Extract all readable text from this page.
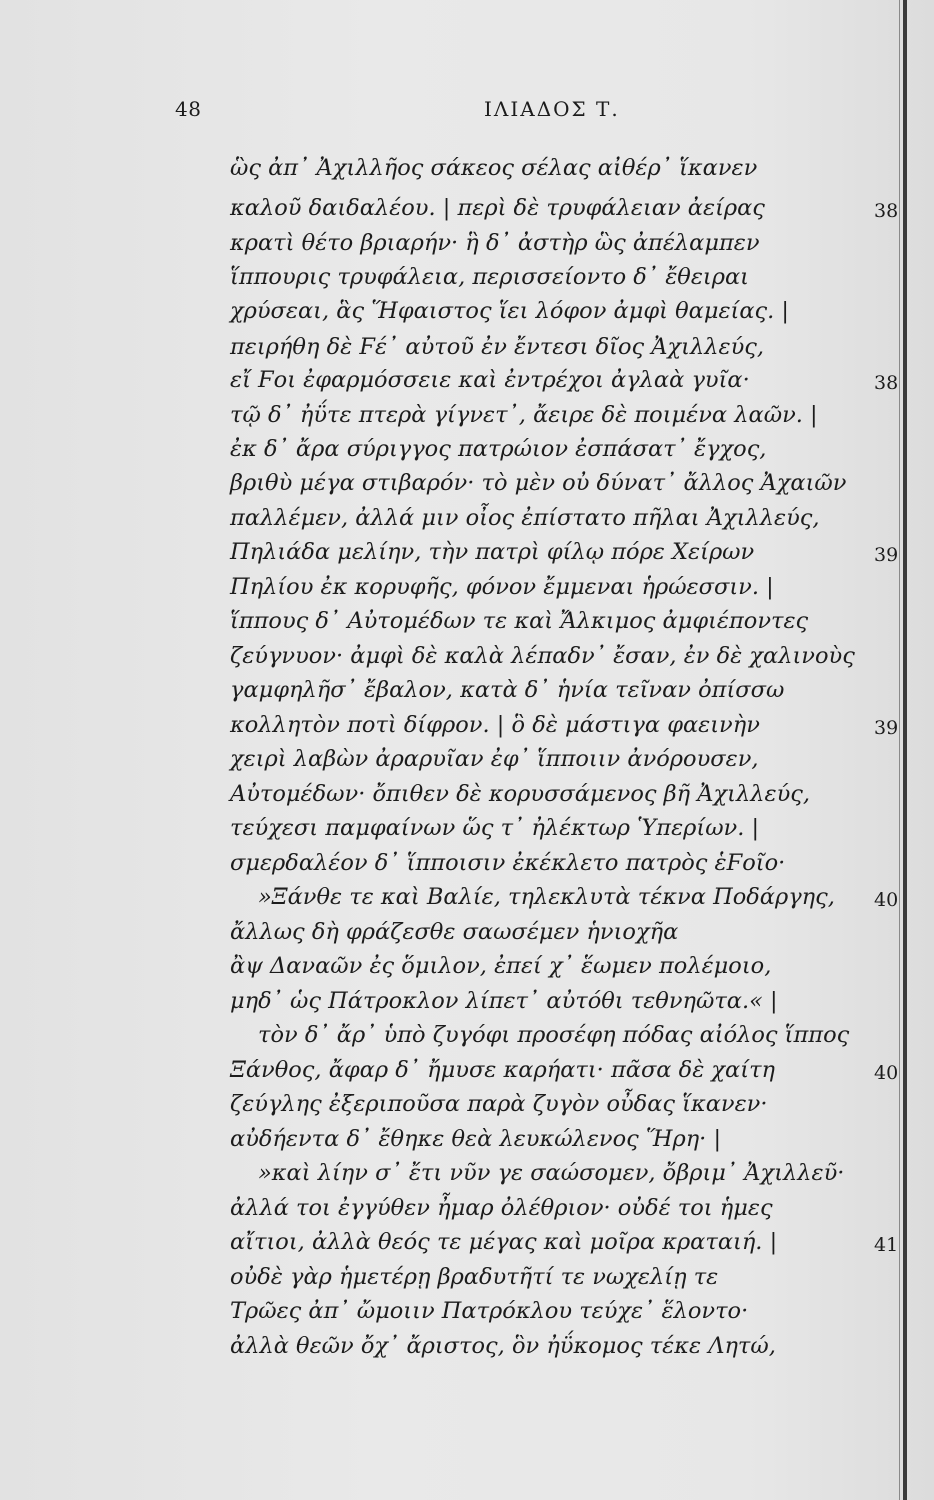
48	ΙΛΙΑΔΟΣ Τ.
ὣς ἀπ᾿ Ἀχιλλῆος σάκεος σέλας αἰθέρ᾿ ἵκανεν
καλοῦ δαιδαλέου. | περὶ δὲ τρυφάλειαν ἀείρας
κρατὶ θέτο βριαρήν· ἣ δ᾿ ἀστὴρ ὣς ἀπέλαμπεν
ἵππουρις τρυφάλεια, περισσείοντο δ᾿ ἔθειραι
χρύσεαι, ἃς Ἥφαιστος ἵει λόφον ἀμφὶ θαμείας. |
πειρήθη δὲ Ϝέ᾿ αὐτοῦ ἐν ἔντεσι δῖος Ἀχιλλεύς,
εἴ Ϝοι ἐφαρμόσσειε καὶ ἐντρέχοι ἀγλαὰ γυῖα·
τῷ δ᾿ ἠΰτε πτερὰ γίγνετ᾿, ἄειρε δὲ ποιμένα λαῶν. |
ἐκ δ᾿ ἄρα σύριγγος πατρώιον ἐσπάσατ᾿ ἔγχος,
βριθὺ μέγα στιβαρόν· τὸ μὲν οὐ δύνατ᾿ ἄλλος Ἀχαιῶν
παλλέμεν, ἀλλά μιν οἶος ἐπίστατο πῆλαι Ἀχιλλεύς,
Πηλιάδα μελίην, τὴν πατρὶ φίλῳ πόρε Χείρων
Πηλίου ἐκ κορυφῆς, φόνον ἔμμεναι ἡρώεσσιν. |
ἵππους δ᾿ Αὐτομέδων τε καὶ Ἄλκιμος ἀμφιέποντες
ζεύγνυον· ἀμφὶ δὲ καλὰ λέπαδν᾿ ἔσαν, ἐν δὲ χαλινοὺς
γαμφηλῆσ᾿ ἔβαλον, κατὰ δ᾿ ἡνία τεῖναν ὀπίσσω
κολλητὸν ποτὶ δίφρον. | ὃ δὲ μάστιγα φαεινὴν
χειρὶ λαβὼν ἀραρυῖαν ἐφ᾿ ἵπποιιν ἀνόρουσεν,
Αὐτομέδων· ὄπιθεν δὲ κορυσσάμενος βῆ Ἀχιλλεύς,
τεύχεσι παμφαίνων ὥς τ᾿ ἠλέκτωρ Ὑπερίων. |
σμερδαλέον δ᾿ ἵπποισιν ἐκέκλετο πατρὸς ἑϜοῖο·
»Ξάνθε τε καὶ Βαλίε, τηλεκλυτὰ τέκνα Ποδάργης,
ἄλλως δὴ φράζεσθε σαωσέμεν ἡνιοχῆα
ἂψ Δαναῶν ἐς ὅμιλον, ἐπεί χ᾿ ἕωμεν πολέμοιο,
μηδ᾿ ὡς Πάτροκλον λίπετ᾿ αὐτόθι τεθνηῶτα.« |
τὸν δ᾿ ἄρ᾿ ὑπὸ ζυγόφι προσέφη πόδας αἰόλος ἵππος
Ξάνθος, ἄφαρ δ᾿ ἤμυσε καρήατι· πᾶσα δὲ χαίτη
ζεύγλης ἐξεριποῦσα παρὰ ζυγὸν οὖδας ἵκανεν·
αὐδήεντα δ᾿ ἔθηκε θεὰ λευκώλενος Ἥρη· |
»καὶ λίην σ᾿ ἔτι νῦν γε σαώσομεν, ὄβριμ᾿ Ἀχιλλεῦ·
ἀλλά τοι ἐγγύθεν ἦμαρ ὀλέθριον· οὐδέ τοι ἡμες
αἴτιοι, ἀλλὰ θεός τε μέγας καὶ μοῖρα κραταιή. |
οὐδὲ γὰρ ἡμετέρῃ βραδυτῆτί τε νωχελίῃ τε
Τρῶες ἀπ᾿ ὤμοιιν Πατρόκλου τεύχε᾿ ἕλοντο·
ἀλλὰ θεῶν ὄχ᾿ ἄριστος, ὃν ἠΰκομος τέκε Λητώ,
38
38
39
39
40
40
41
